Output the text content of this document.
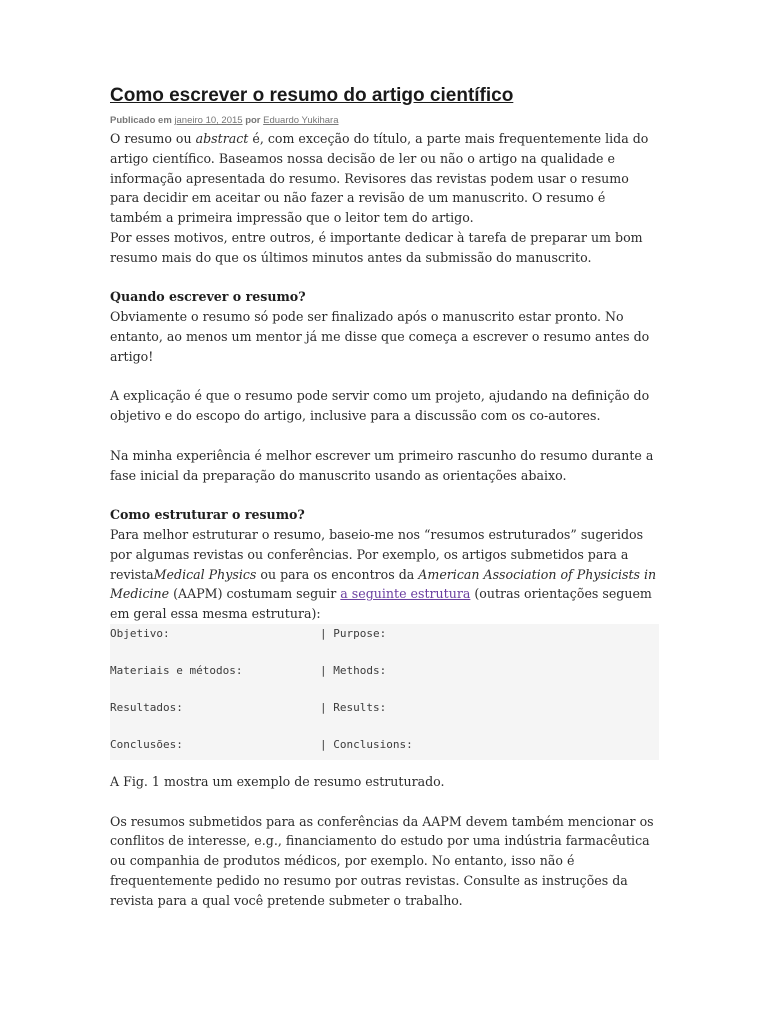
Como escrever o resumo do artigo científico
Publicado em janeiro 10, 2015 por Eduardo Yukihara

O resumo ou abstract é, com exceção do título, a parte mais frequentemente lida do artigo científico. Baseamos nossa decisão de ler ou não o artigo na qualidade e informação apresentada do resumo. Revisores das revistas podem usar o resumo para decidir em aceitar ou não fazer a revisão de um manuscrito. O resumo é também a primeira impressão que o leitor tem do artigo.

Por esses motivos, entre outros, é importante dedicar à tarefa de preparar um bom resumo mais do que os últimos minutos antes da submissão do manuscrito.

Quando escrever o resumo?

Obviamente o resumo só pode ser finalizado após o manuscrito estar pronto. No entanto, ao menos um mentor já me disse que começa a escrever o resumo antes do artigo!

A explicação é que o resumo pode servir como um projeto, ajudando na definição do objetivo e do escopo do artigo, inclusive para a discussão com os co-autores.

Na minha experiência é melhor escrever um primeiro rascunho do resumo durante a fase inicial da preparação do manuscrito usando as orientações abaixo.

Como estruturar o resumo?

Para melhor estruturar o resumo, baseio-me nos “resumos estruturados” sugeridos por algumas revistas ou conferências. Por exemplo, os artigos submetidos para a revistaMedical Physics ou para os encontros da American Association of Physicists in Medicine (AAPM) costumam seguir a seguinte estrutura (outras orientações seguem em geral essa mesma estrutura):

Objetivo:	| Purpose:
Materiais e métodos:	| Methods:
Resultados:	| Results:
Conclusões:	| Conclusions:

A Fig. 1 mostra um exemplo de resumo estruturado.

Os resumos submetidos para as conferências da AAPM devem também mencionar os conflitos de interesse, e.g., financiamento do estudo por uma indústria farmacêutica ou companhia de produtos médicos, por exemplo. No entanto, isso não é frequentemente pedido no resumo por outras revistas. Consulte as instruções da revista para a qual você pretende submeter o trabalho.
